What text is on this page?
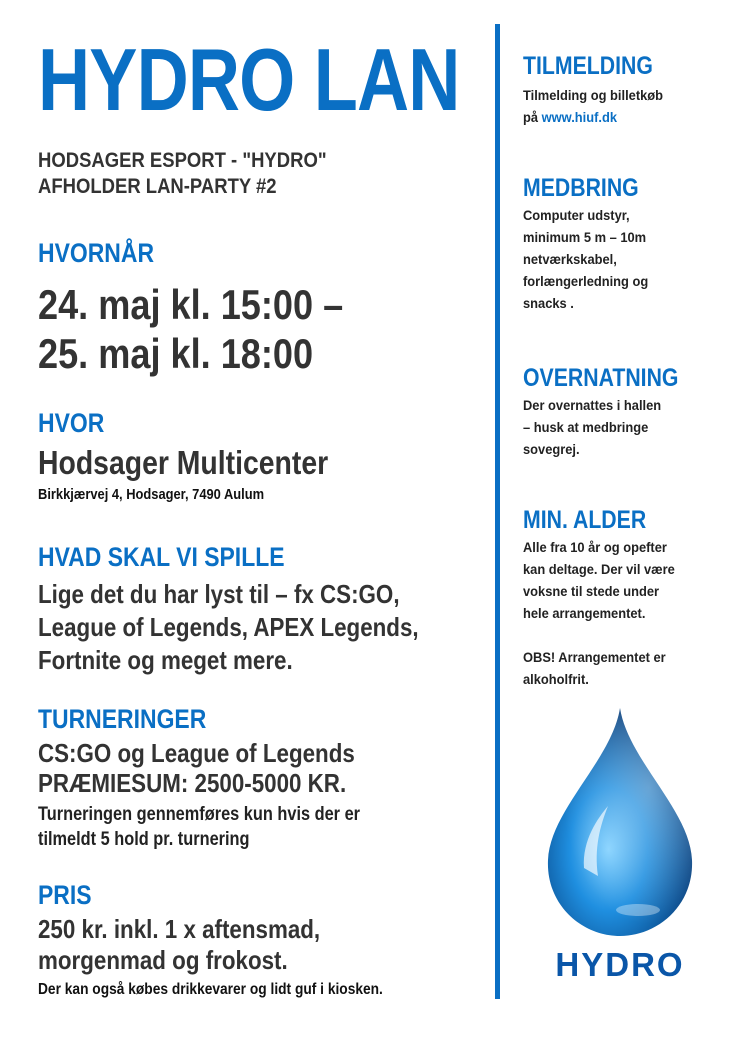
HYDRO LAN
HODSAGER ESPORT - "HYDRO"
AFHOLDER LAN-PARTY #2
HVORNÅR
24. maj kl. 15:00 –
25. maj kl. 18:00
HVOR
Hodsager Multicenter
Birkkjærvej 4, Hodsager, 7490 Aulum
HVAD SKAL VI SPILLE
Lige det du har lyst til – fx CS:GO,
League of Legends, APEX Legends,
Fortnite og meget mere.
TURNERINGER
CS:GO og League of Legends
PRÆMIESUM: 2500-5000 KR.
Turneringen gennemføres kun hvis der er
tilmeldt 5 hold pr. turnering
PRIS
250 kr. inkl. 1 x aftensmad,
morgenmad og frokost.
Der kan også købes drikkevarer og lidt guf i kiosken.
TILMELDING
Tilmelding og billetkøb
på www.hiuf.dk
MEDBRING
Computer udstyr,
minimum 5 m – 10m
netværkskabel,
forlængerledning og
snacks .
OVERNATNING
Der overnattes i hallen
– husk at medbringe
sovegrej.
MIN. ALDER
Alle fra 10 år og opefter
kan deltage. Der vil være
voksne til stede under
hele arrangementet.
OBS! Arrangementet er
alkoholfrit.
HYDRO
